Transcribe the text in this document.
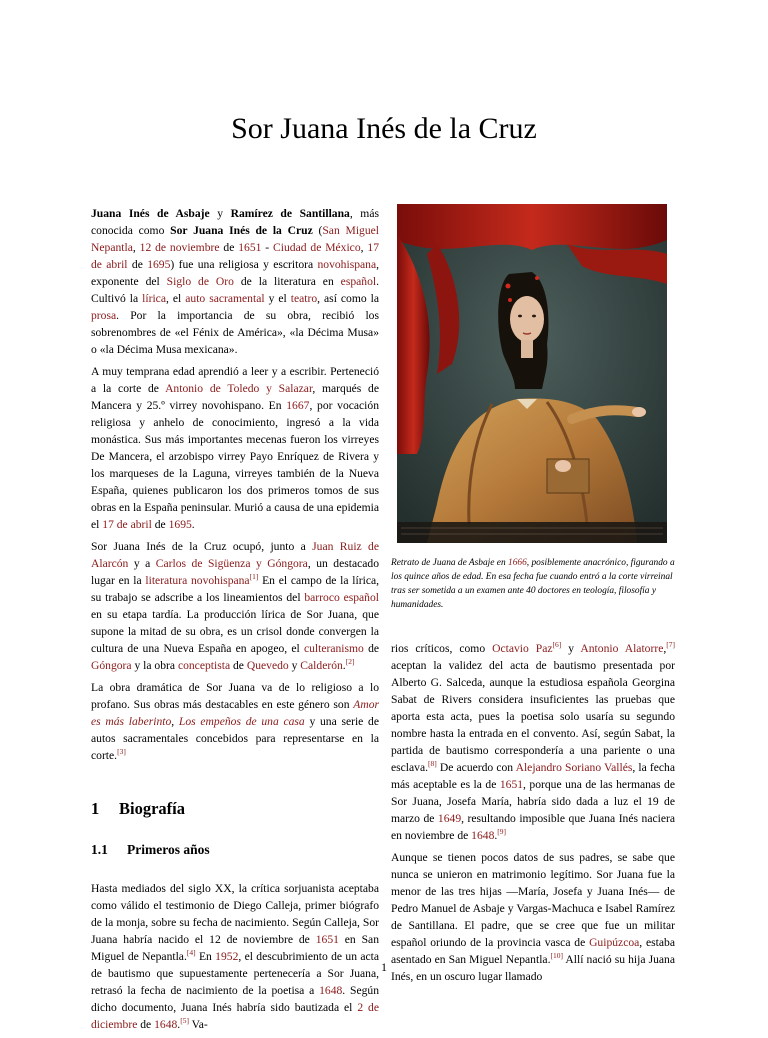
Sor Juana Inés de la Cruz

Juana Inés de Asbaje y Ramírez de Santillana, más conocida como Sor Juana Inés de la Cruz (San Miguel Nepantla, 12 de noviembre de 1651 - Ciudad de México, 17 de abril de 1695) fue una religiosa y escritora novohispana, exponente del Siglo de Oro de la literatura en español. Cultivó la lírica, el auto sacramental y el teatro, así como la prosa. Por la importancia de su obra, recibió los sobrenombres de «el Fénix de América», «la Décima Musa» o «la Décima Musa mexicana».

A muy temprana edad aprendió a leer y a escribir. Perteneció a la corte de Antonio de Toledo y Salazar, marqués de Mancera y 25.º virrey novohispano. En 1667, por vocación religiosa y anhelo de conocimiento, ingresó a la vida monástica. Sus más importantes mecenas fueron los virreyes De Mancera, el arzobispo virrey Payo Enríquez de Rivera y los marqueses de la Laguna, virreyes también de la Nueva España, quienes publicaron los dos primeros tomos de sus obras en la España peninsular. Murió a causa de una epidemia el 17 de abril de 1695.

Sor Juana Inés de la Cruz ocupó, junto a Juan Ruiz de Alarcón y a Carlos de Sigüenza y Góngora, un destacado lugar en la literatura novohispana[1] En el campo de la lírica, su trabajo se adscribe a los lineamientos del barroco español en su etapa tardía. La producción lírica de Sor Juana, que supone la mitad de su obra, es un crisol donde convergen la cultura de una Nueva España en apogeo, el culteranismo de Góngora y la obra conceptista de Quevedo y Calderón.[2]

La obra dramática de Sor Juana va de lo religioso a lo profano. Sus obras más destacables en este género son Amor es más laberinto, Los empeños de una casa y una serie de autos sacramentales concebidos para representarse en la corte.[3]

1 Biografía

1.1 Primeros años

Hasta mediados del siglo XX, la crítica sorjuanista aceptaba como válido el testimonio de Diego Calleja, primer biógrafo de la monja, sobre su fecha de nacimiento. Según Calleja, Sor Juana habría nacido el 12 de noviembre de 1651 en San Miguel de Nepantla.[4] En 1952, el descubrimiento de un acta de bautismo que supuestamente pertenecería a Sor Juana, retrasó la fecha de nacimiento de la poetisa a 1648. Según dicho documento, Juana Inés habría sido bautizada el 2 de diciembre de 1648.[5] Va-

Retrato de Juana de Asbaje en 1666, posiblemente anacrónico, figurando a los quince años de edad. En esa fecha fue cuando entró a la corte virreinal tras ser sometida a un examen ante 40 doctores en teología, filosofía y humanidades.

rios críticos, como Octavio Paz[6] y Antonio Alatorre,[7] aceptan la validez del acta de bautismo presentada por Alberto G. Salceda, aunque la estudiosa española Georgina Sabat de Rivers considera insuficientes las pruebas que aporta esta acta, pues la poetisa solo usaría su segundo nombre hasta la entrada en el convento. Así, según Sabat, la partida de bautismo correspondería a una pariente o una esclava.[8] De acuerdo con Alejandro Soriano Vallés, la fecha más aceptable es la de 1651, porque una de las hermanas de Sor Juana, Josefa María, habría sido dada a luz el 19 de marzo de 1649, resultando imposible que Juana Inés naciera en noviembre de 1648.[9]

Aunque se tienen pocos datos de sus padres, se sabe que nunca se unieron en matrimonio legítimo. Sor Juana fue la menor de las tres hijas —María, Josefa y Juana Inés— de Pedro Manuel de Asbaje y Vargas-Machuca e Isabel Ramírez de Santillana. El padre, que se cree que fue un militar español oriundo de la provincia vasca de Guipúzcoa, estaba asentado en San Miguel Nepantla.[10] Allí nació su hija Juana Inés, en un oscuro lugar llamado

1
